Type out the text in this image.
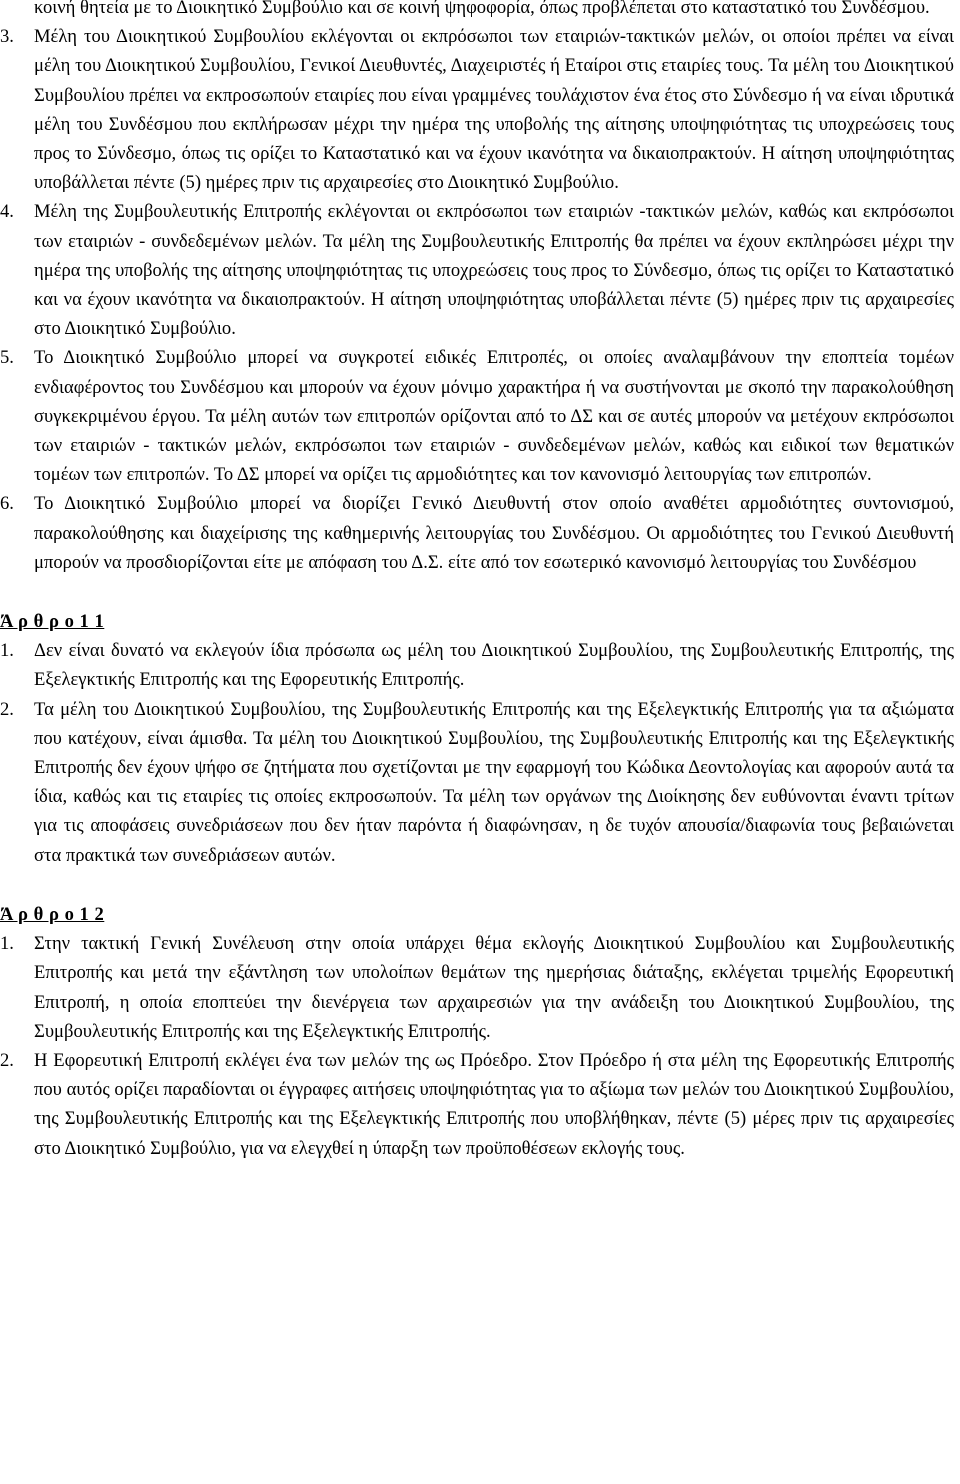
κοινή θητεία με το Διοικητικό Συμβούλιο και σε κοινή ψηφοφορία, όπως προβλέπεται στο καταστατικό του Συνδέσμου.

3.	Μέλη του Διοικητικού Συμβουλίου εκλέγονται οι εκπρόσωποι των εταιριών-τακτικών μελών, οι οποίοι πρέπει να είναι μέλη του Διοικητικού Συμβουλίου, Γενικοί Διευθυντές, Διαχειριστές ή Εταίροι στις εταιρίες τους. Τα μέλη του Διοικητικού Συμβουλίου πρέπει να εκπροσωπούν εταιρίες που είναι γραμμένες τουλάχιστον ένα έτος στο Σύνδεσμο ή να είναι ιδρυτικά μέλη του Συνδέσμου που εκπλήρωσαν μέχρι την ημέρα της υποβολής της αίτησης υποψηφιότητας τις υποχρεώσεις τους προς το Σύνδεσμο, όπως τις ορίζει το Καταστατικό και να έχουν ικανότητα να δικαιοπρακτούν. Η αίτηση υποψηφιότητας υποβάλλεται πέντε (5) ημέρες πριν τις αρχαιρεσίες στο Διοικητικό Συμβούλιο.
4.	Μέλη της Συμβουλευτικής Επιτροπής εκλέγονται οι εκπρόσωποι των εταιριών -τακτικών μελών, καθώς και εκπρόσωποι των εταιριών - συνδεδεμένων μελών. Τα μέλη της Συμβουλευτικής Επιτροπής θα πρέπει να έχουν εκπληρώσει μέχρι την ημέρα της υποβολής της αίτησης υποψηφιότητας τις υποχρεώσεις τους προς το Σύνδεσμο, όπως τις ορίζει το Καταστατικό και να έχουν ικανότητα να δικαιοπρακτούν. Η αίτηση υποψηφιότητας υποβάλλεται πέντε (5) ημέρες πριν τις αρχαιρεσίες στο Διοικητικό Συμβούλιο.
5.	Το Διοικητικό Συμβούλιο μπορεί να συγκροτεί ειδικές Επιτροπές, οι οποίες αναλαμβάνουν την εποπτεία τομέων ενδιαφέροντος του Συνδέσμου και μπορούν να έχουν μόνιμο χαρακτήρα ή να συστήνονται με σκοπό την παρακολούθηση συγκεκριμένου έργου. Τα μέλη αυτών των επιτροπών ορίζονται από το ΔΣ και σε αυτές μπορούν να μετέχουν εκπρόσωποι των εταιριών - τακτικών μελών, εκπρόσωποι των εταιριών - συνδεδεμένων μελών, καθώς και ειδικοί των θεματικών τομέων των επιτροπών. Το ΔΣ μπορεί να ορίζει τις αρμοδιότητες και τον κανονισμό λειτουργίας των επιτροπών.
6.	Το Διοικητικό Συμβούλιο μπορεί να διορίζει Γενικό Διευθυντή στον οποίο αναθέτει αρμοδιότητες συντονισμού, παρακολούθησης και διαχείρισης της καθημερινής λειτουργίας του Συνδέσμου. Οι αρμοδιότητες του Γενικού Διευθυντή μπορούν να προσδιορίζονται είτε με απόφαση του Δ.Σ. είτε από τον εσωτερικό κανονισμό λειτουργίας του Συνδέσμου

Ά ρ θ ρ ο 1 1

1.	Δεν είναι δυνατό να εκλεγούν ίδια πρόσωπα ως μέλη του Διοικητικού Συμβουλίου, της Συμβουλευτικής Επιτροπής, της Εξελεγκτικής Επιτροπής και της Εφορευτικής Επιτροπής.
2.	Τα μέλη του Διοικητικού Συμβουλίου, της Συμβουλευτικής Επιτροπής και της Εξελεγκτικής Επιτροπής για τα αξιώματα που κατέχουν, είναι άμισθα. Τα μέλη του Διοικητικού Συμβουλίου, της Συμβουλευτικής Επιτροπής και της Εξελεγκτικής Επιτροπής δεν έχουν ψήφο σε ζητήματα που σχετίζονται με την εφαρμογή του Κώδικα Δεοντολογίας και αφορούν αυτά τα ίδια, καθώς και τις εταιρίες τις οποίες εκπροσωπούν. Τα μέλη των οργάνων της Διοίκησης δεν ευθύνονται έναντι τρίτων για τις αποφάσεις συνεδριάσεων που δεν ήταν παρόντα ή διαφώνησαν, η δε τυχόν απουσία/διαφωνία τους βεβαιώνεται στα πρακτικά των συνεδριάσεων αυτών.

Ά ρ θ ρ ο 1 2

1.	Στην τακτική Γενική Συνέλευση στην οποία υπάρχει θέμα εκλογής Διοικητικού Συμβουλίου και Συμβουλευτικής Επιτροπής και μετά την εξάντληση των υπολοίπων θεμάτων της ημερήσιας διάταξης, εκλέγεται τριμελής Εφορευτική Επιτροπή, η οποία εποπτεύει την διενέργεια των αρχαιρεσιών για την ανάδειξη του Διοικητικού Συμβουλίου, της Συμβουλευτικής Επιτροπής και της Εξελεγκτικής Επιτροπής.
2.	Η Εφορευτική Επιτροπή εκλέγει ένα των μελών της ως Πρόεδρο. Στον Πρόεδρο ή στα μέλη της Εφορευτικής Επιτροπής που αυτός ορίζει παραδίονται οι έγγραφες αιτήσεις υποψηφιότητας για το αξίωμα των μελών του Διοικητικού Συμβουλίου, της Συμβουλευτικής Επιτροπής και της Εξελεγκτικής Επιτροπής που υποβλήθηκαν, πέντε (5) μέρες πριν τις αρχαιρεσίες στο Διοικητικό Συμβούλιο, για να ελεγχθεί η ύπαρξη των προϋποθέσεων εκλογής τους.
